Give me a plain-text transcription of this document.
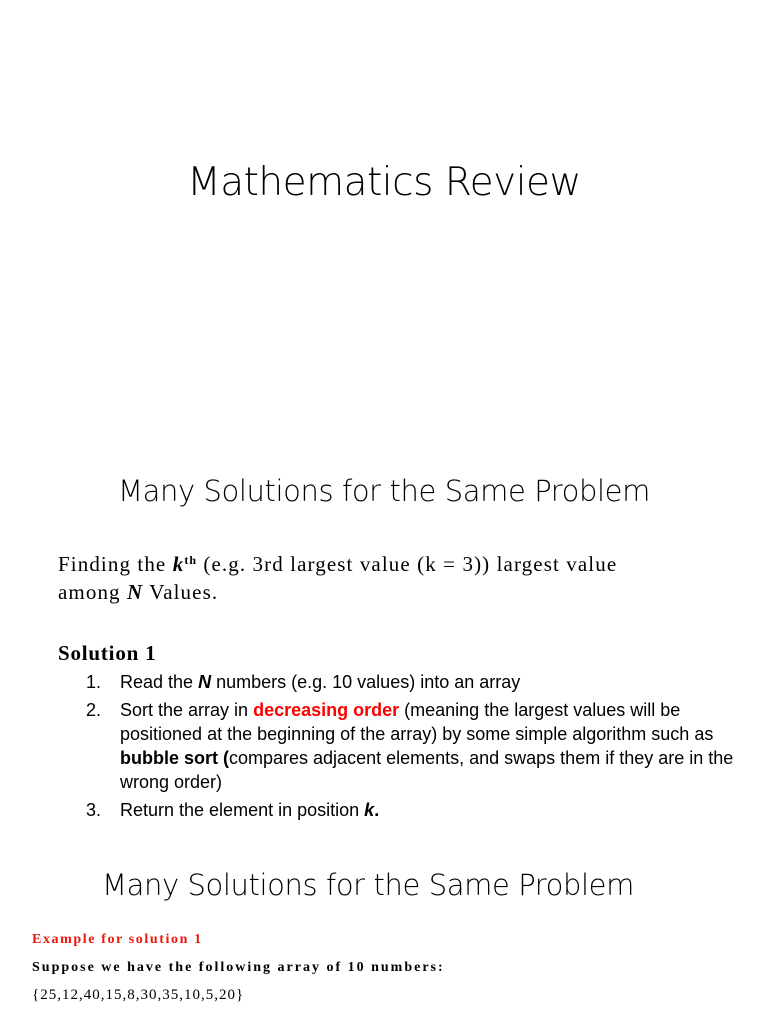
Mathematics Review
Many Solutions for the Same Problem
Finding the $k^{th}$ (e.g. 3rd largest value (k = 3)) largest value
among N Values.
Solution 1
1. Read the N numbers (e.g. 10 values) into an array
2. Sort the array in decreasing order (meaning the largest values will be positioned at the beginning of the array) by some simple algorithm such as bubble sort (compares adjacent elements, and swaps them if they are in the wrong order)
3. Return the element in position k.
Many Solutions for the Same Problem
Example for solution 1
Suppose we have the following array of 10 numbers:
{25,12,40,15,8,30,35,10,5,20}
